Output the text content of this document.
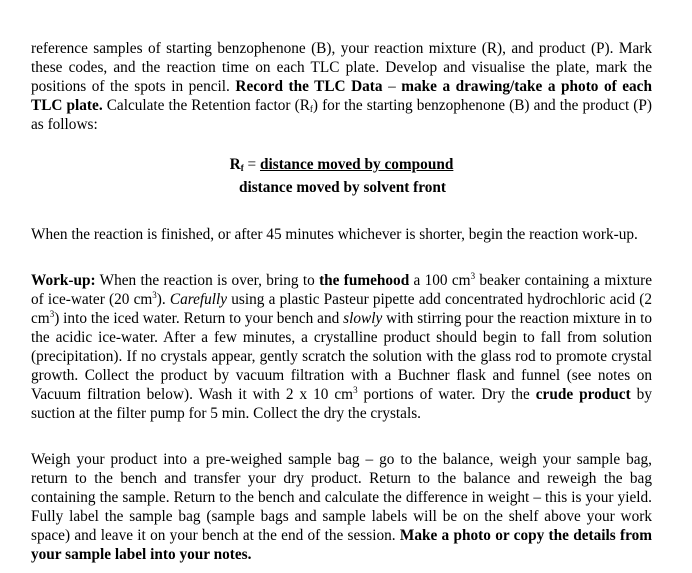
reference samples of starting benzophenone (B), your reaction mixture (R), and product (P). Mark these codes, and the reaction time on each TLC plate. Develop and visualise the plate, mark the positions of the spots in pencil. Record the TLC Data – make a drawing/take a photo of each TLC plate. Calculate the Retention factor $(R_f)$ for the starting benzophenone (B) and the product (P) as follows:

Rf = distance moved by compound
distance moved by solvent front

When the reaction is finished, or after 45 minutes whichever is shorter, begin the reaction work-up.

Work-up: When the reaction is over, bring to the fumehood a 100 $cm^3$ beaker containing a mixture of ice-water (20 $cm^3$). Carefully using a plastic Pasteur pipette add concentrated hydrochloric acid (2 $cm^3$) into the iced water. Return to your bench and slowly with stirring pour the reaction mixture in to the acidic ice-water. After a few minutes, a crystalline product should begin to fall from solution (precipitation). If no crystals appear, gently scratch the solution with the glass rod to promote crystal growth. Collect the product by vacuum filtration with a Buchner flask and funnel (see notes on Vacuum filtration below). Wash it with 2 x 10 $cm^3$ portions of water. Dry the crude product by suction at the filter pump for 5 min. Collect the dry the crystals.

Weigh your product into a pre-weighed sample bag – go to the balance, weigh your sample bag, return to the bench and transfer your dry product. Return to the balance and reweigh the bag containing the sample. Return to the bench and calculate the difference in weight – this is your yield. Fully label the sample bag (sample bags and sample labels will be on the shelf above your work space) and leave it on your bench at the end of the session. Make a photo or copy the details from your sample label into your notes.
